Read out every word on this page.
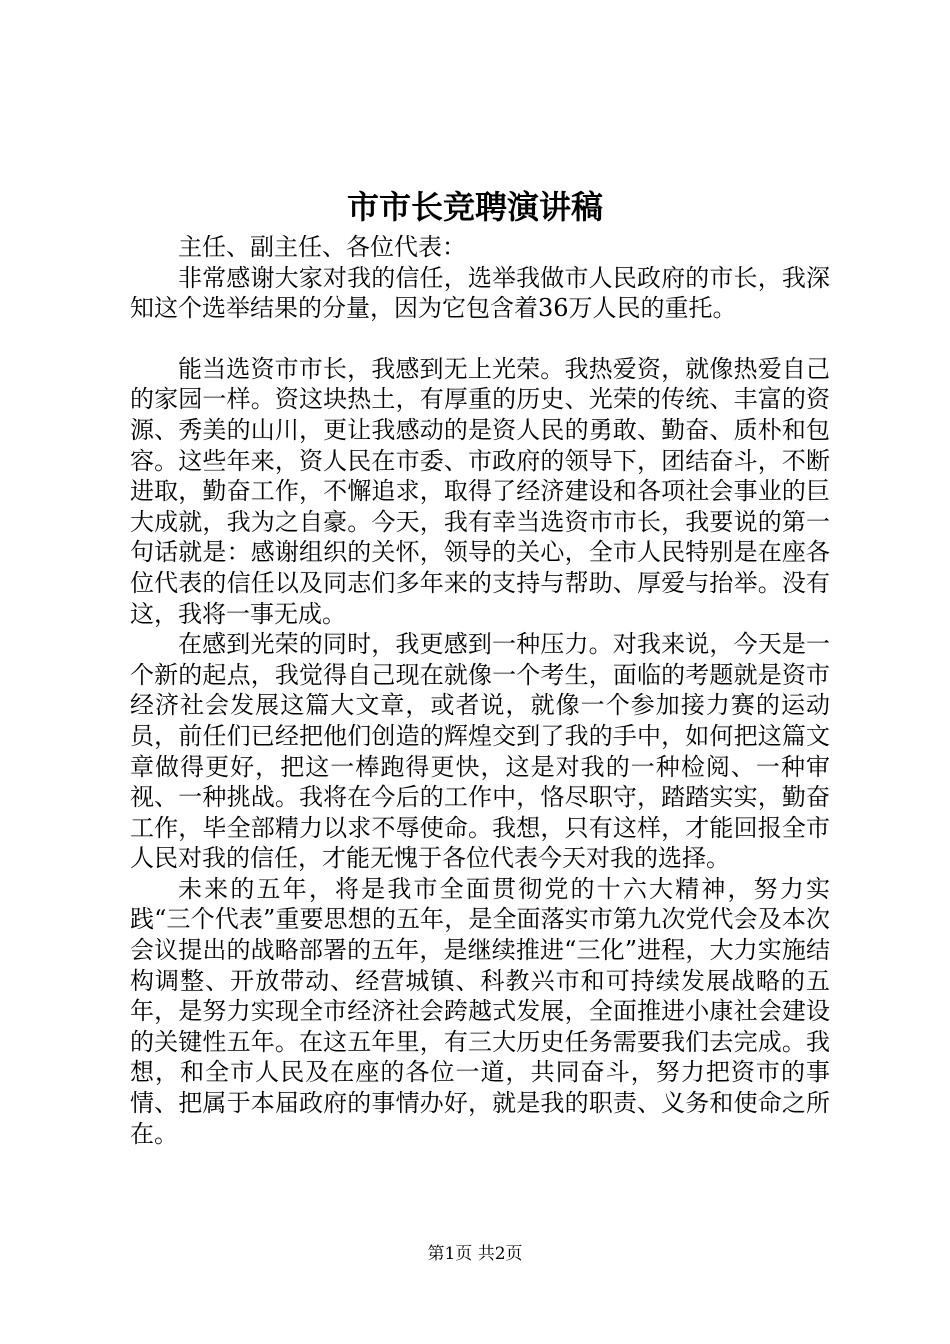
市市长竞聘演讲稿

主任、副主任、各位代表：

非常感谢大家对我的信任，选举我做市人民政府的市长，我深知这个选举结果的分量，因为它包含着36万人民的重托。

能当选资市市长，我感到无上光荣。我热爱资，就像热爱自己的家园一样。资这块热土，有厚重的历史、光荣的传统、丰富的资源、秀美的山川，更让我感动的是资人民的勇敢、勤奋、质朴和包容。这些年来，资人民在市委、市政府的领导下，团结奋斗，不断进取，勤奋工作，不懈追求，取得了经济建设和各项社会事业的巨大成就，我为之自豪。今天，我有幸当选资市市长，我要说的第一句话就是：感谢组织的关怀，领导的关心，全市人民特别是在座各位代表的信任以及同志们多年来的支持与帮助、厚爱与抬举。没有这，我将一事无成。

在感到光荣的同时，我更感到一种压力。对我来说，今天是一个新的起点，我觉得自己现在就像一个考生，面临的考题就是资市经济社会发展这篇大文章，或者说，就像一个参加接力赛的运动员，前任们已经把他们创造的辉煌交到了我的手中，如何把这篇文章做得更好，把这一棒跑得更快，这是对我的一种检阅、一种审视、一种挑战。我将在今后的工作中，恪尽职守，踏踏实实，勤奋工作，毕全部精力以求不辱使命。我想，只有这样，才能回报全市人民对我的信任，才能无愧于各位代表今天对我的选择。

未来的五年，将是我市全面贯彻党的十六大精神，努力实践“三个代表”重要思想的五年，是全面落实市第九次党代会及本次会议提出的战略部署的五年，是继续推进“三化”进程，大力实施结构调整、开放带动、经营城镇、科教兴市和可持续发展战略的五年，是努力实现全市经济社会跨越式发展，全面推进小康社会建设的关键性五年。在这五年里，有三大历史任务需要我们去完成。我想，和全市人民及在座的各位一道，共同奋斗，努力把资市的事情、把属于本届政府的事情办好，就是我的职责、义务和使命之所在。

第1页 共2页
